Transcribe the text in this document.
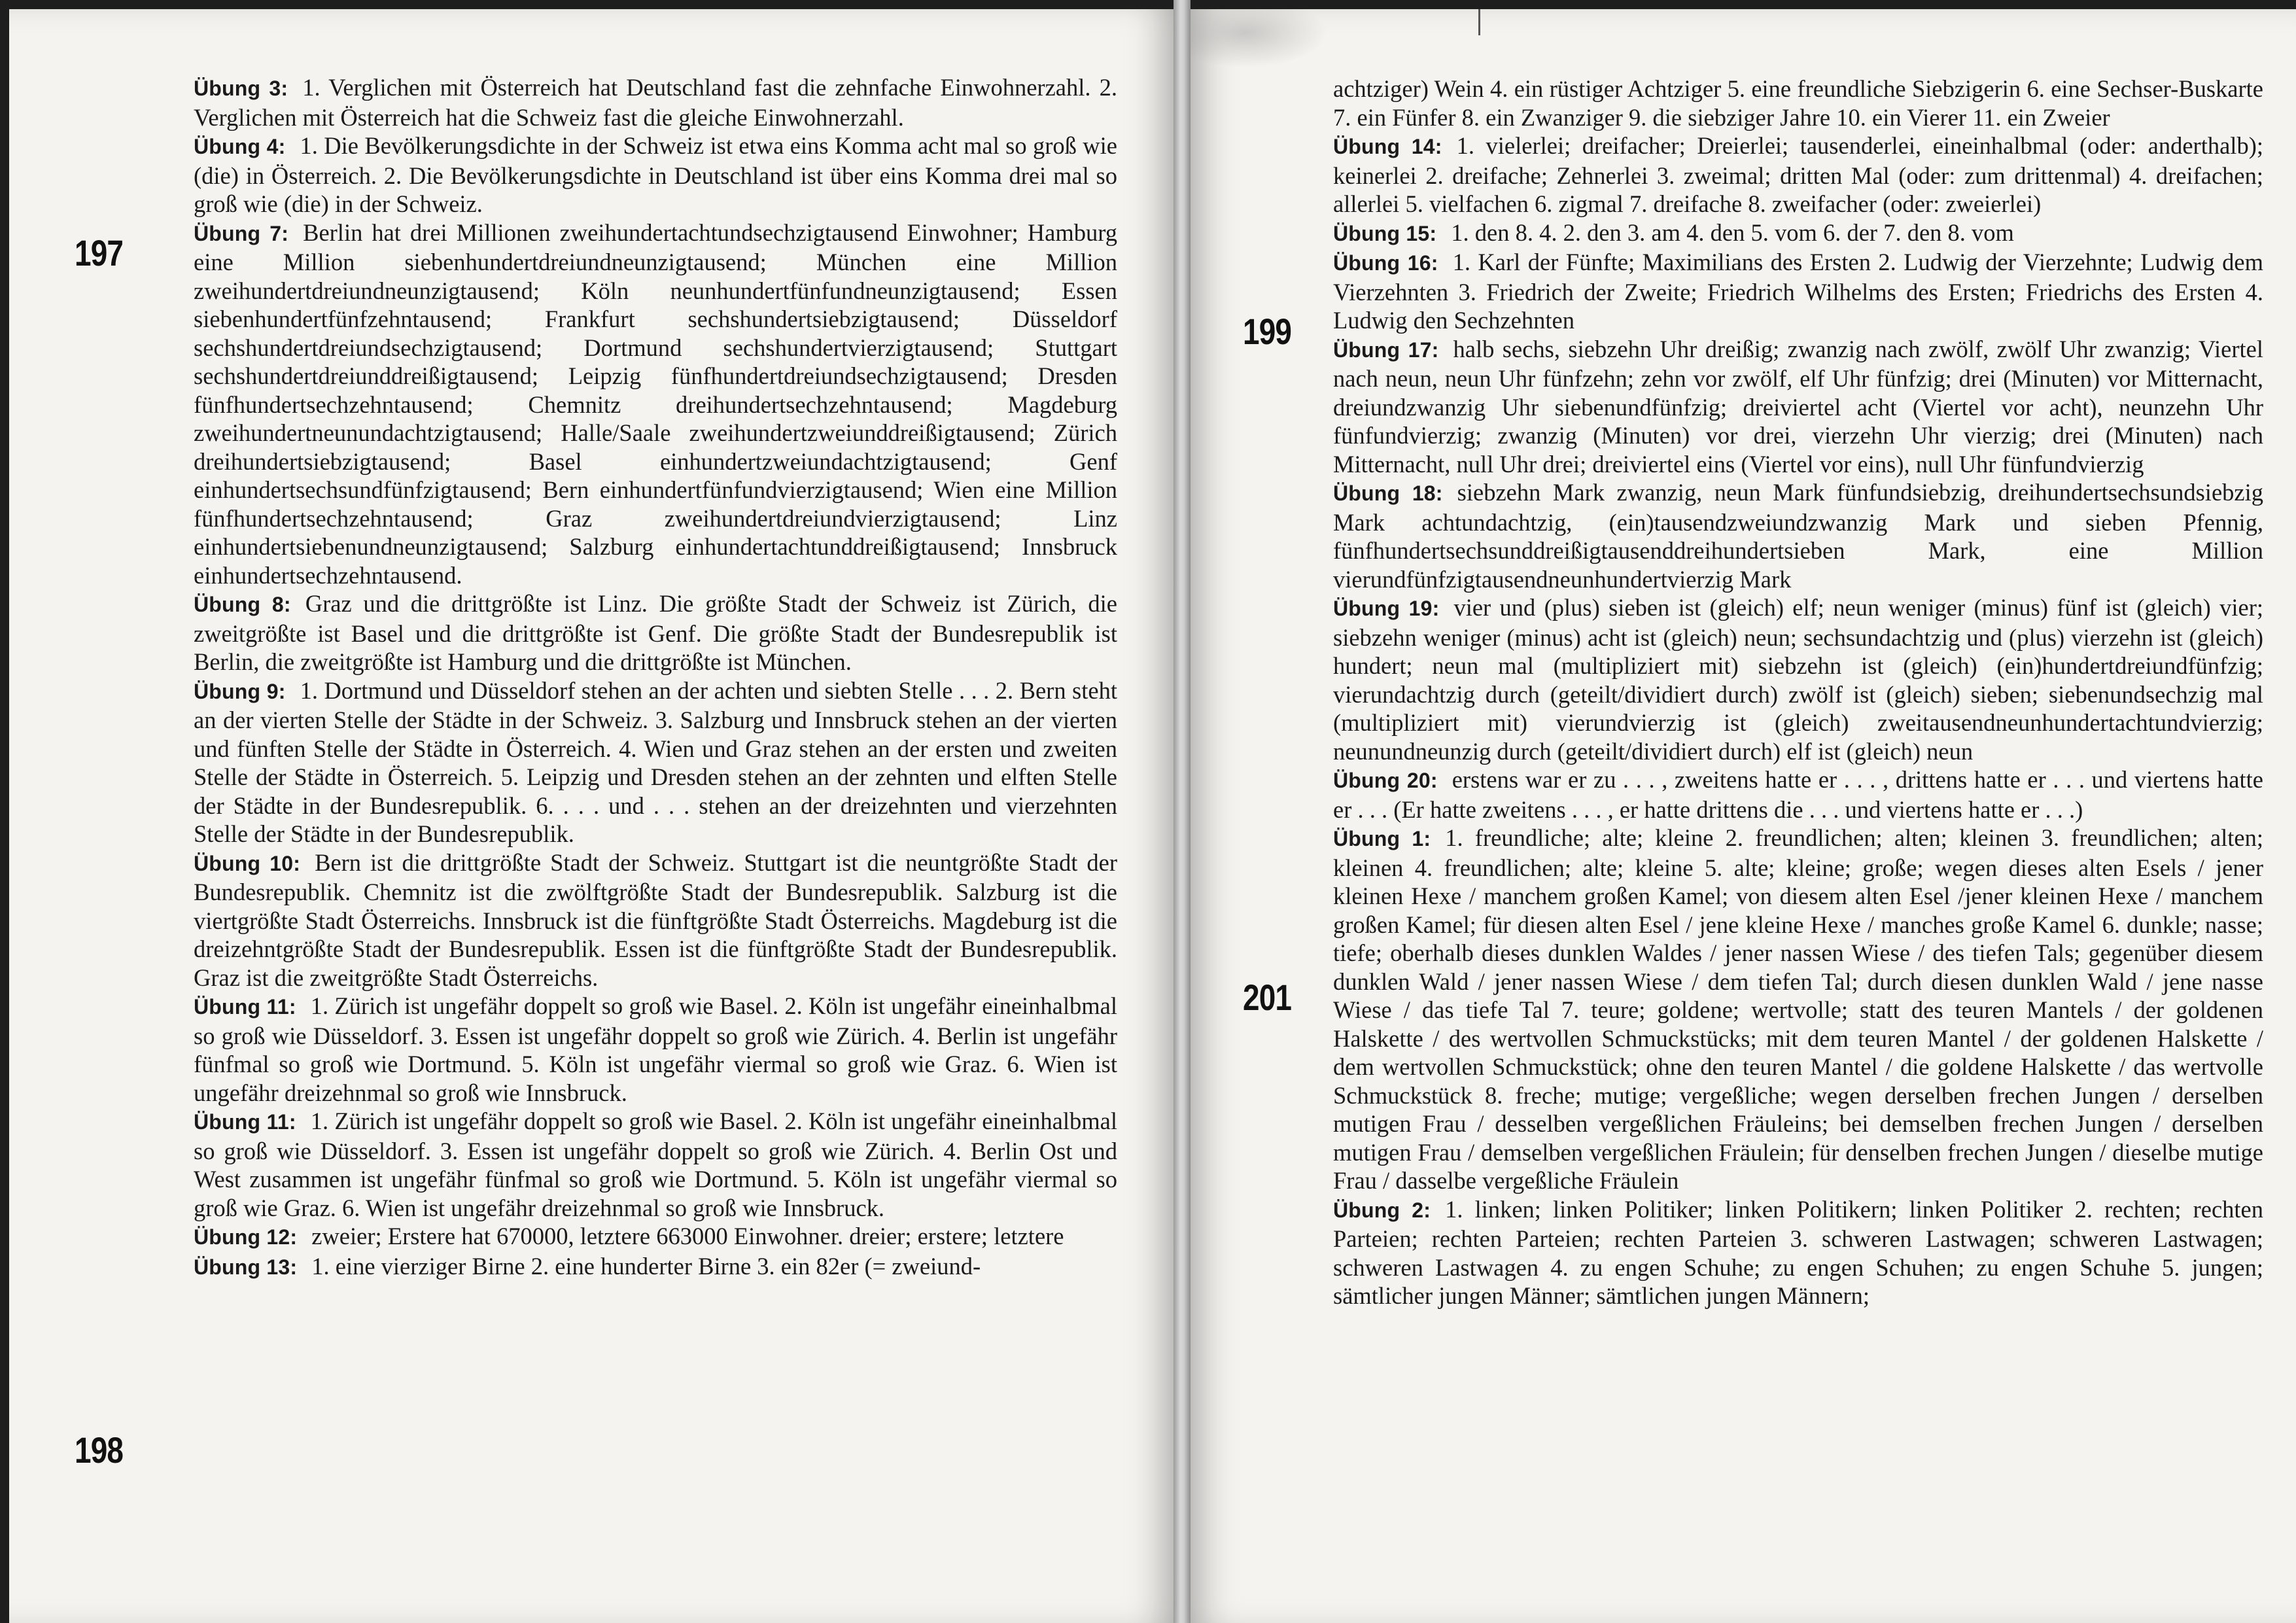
197
198

Übung 3: 1. Verglichen mit Österreich hat Deutschland fast die zehnfache Einwohnerzahl. 2. Verglichen mit Österreich hat die Schweiz fast die gleiche Einwohnerzahl.

Übung 4: 1. Die Bevölkerungsdichte in der Schweiz ist etwa eins Komma acht mal so groß wie (die) in Österreich. 2. Die Bevölkerungsdichte in Deutschland ist über eins Komma drei mal so groß wie (die) in der Schweiz.

Übung 7: Berlin hat drei Millionen zweihundertachtundsechzigtausend Einwohner; Hamburg eine Million siebenhundertdreiundneunzigtausend; München eine Million zweihundertdreiundneunzigtausend; Köln neunhundertfünfundneunzigtausend; Essen siebenhundertfünfzehntausend; Frankfurt sechshundertsiebzigtausend; Düsseldorf sechshundertdreiundsechzigtausend; Dortmund sechshundertvierzigtausend; Stuttgart sechshundertdreiunddreißigtausend; Leipzig fünfhundertdreiundsechzigtausend; Dresden fünfhundertsechzehntausend; Chemnitz dreihundertsechzehntausend; Magdeburg zweihundertneunundachtzigtausend; Halle/Saale zweihundertzweiunddreißigtausend; Zürich dreihundertsiebzigtausend; Basel einhundertzweiundachtzigtausend; Genf einhundertsechsundfünfzigtausend; Bern einhundertfünfundvierzigtausend; Wien eine Million fünfhundertsechzehntausend; Graz zweihundertdreiundvierzigtausend; Linz einhundertsiebenundneunzigtausend; Salzburg einhundertachtunddreißigtausend; Innsbruck einhundertsechzehntausend.

Übung 8: Graz und die drittgrößte ist Linz. Die größte Stadt der Schweiz ist Zürich, die zweitgrößte ist Basel und die drittgrößte ist Genf. Die größte Stadt der Bundesrepublik ist Berlin, die zweitgrößte ist Hamburg und die drittgrößte ist München.

Übung 9: 1. Dortmund und Düsseldorf stehen an der achten und siebten Stelle . . . 2. Bern steht an der vierten Stelle der Städte in der Schweiz. 3. Salzburg und Innsbruck stehen an der vierten und fünften Stelle der Städte in Österreich. 4. Wien und Graz stehen an der ersten und zweiten Stelle der Städte in Österreich. 5. Leipzig und Dresden stehen an der zehnten und elften Stelle der Städte in der Bundesrepublik. 6. . . . und . . . stehen an der dreizehnten und vierzehnten Stelle der Städte in der Bundesrepublik.

Übung 10: Bern ist die drittgrößte Stadt der Schweiz. Stuttgart ist die neuntgrößte Stadt der Bundesrepublik. Chemnitz ist die zwölftgrößte Stadt der Bundesrepublik. Salzburg ist die viertgrößte Stadt Österreichs. Innsbruck ist die fünftgrößte Stadt Österreichs. Magdeburg ist die dreizehntgrößte Stadt der Bundesrepublik. Essen ist die fünftgrößte Stadt der Bundesrepublik. Graz ist die zweitgrößte Stadt Österreichs.

Übung 11: 1. Zürich ist ungefähr doppelt so groß wie Basel. 2. Köln ist ungefähr eineinhalbmal so groß wie Düsseldorf. 3. Essen ist ungefähr doppelt so groß wie Zürich. 4. Berlin ist ungefähr fünfmal so groß wie Dortmund. 5. Köln ist ungefähr viermal so groß wie Graz. 6. Wien ist ungefähr dreizehnmal so groß wie Innsbruck.

Übung 11: 1. Zürich ist ungefähr doppelt so groß wie Basel. 2. Köln ist ungefähr eineinhalbmal so groß wie Düsseldorf. 3. Essen ist ungefähr doppelt so groß wie Zürich. 4. Berlin Ost und West zusammen ist ungefähr fünfmal so groß wie Dortmund. 5. Köln ist ungefähr viermal so groß wie Graz. 6. Wien ist ungefähr dreizehnmal so groß wie Innsbruck.

Übung 12: zweier; Erstere hat 670000, letztere 663000 Einwohner. dreier; erstere; letztere

Übung 13: 1. eine vierziger Birne 2. eine hunderter Birne 3. ein 82er (= zweiund-

199
201

achtziger) Wein 4. ein rüstiger Achtziger 5. eine freundliche Siebzigerin 6. eine Sechser-Buskarte 7. ein Fünfer 8. ein Zwanziger 9. die siebziger Jahre 10. ein Vierer 11. ein Zweier

Übung 14: 1. vielerlei; dreifacher; Dreierlei; tausenderlei, eineinhalbmal (oder: anderthalb); keinerlei 2. dreifache; Zehnerlei 3. zweimal; dritten Mal (oder: zum drittenmal) 4. dreifachen; allerlei 5. vielfachen 6. zigmal 7. dreifache 8. zweifacher (oder: zweierlei)

Übung 15: 1. den 8. 4. 2. den 3. am 4. den 5. vom 6. der 7. den 8. vom

Übung 16: 1. Karl der Fünfte; Maximilians des Ersten 2. Ludwig der Vierzehnte; Ludwig dem Vierzehnten 3. Friedrich der Zweite; Friedrich Wilhelms des Ersten; Friedrichs des Ersten 4. Ludwig den Sechzehnten

Übung 17: halb sechs, siebzehn Uhr dreißig; zwanzig nach zwölf, zwölf Uhr zwanzig; Viertel nach neun, neun Uhr fünfzehn; zehn vor zwölf, elf Uhr fünfzig; drei (Minuten) vor Mitternacht, dreiundzwanzig Uhr siebenundfünfzig; dreiviertel acht (Viertel vor acht), neunzehn Uhr fünfundvierzig; zwanzig (Minuten) vor drei, vierzehn Uhr vierzig; drei (Minuten) nach Mitternacht, null Uhr drei; dreiviertel eins (Viertel vor eins), null Uhr fünfundvierzig

Übung 18: siebzehn Mark zwanzig, neun Mark fünfundsiebzig, dreihundertsechsundsiebzig Mark achtundachtzig, (ein)tausendzweiundzwanzig Mark und sieben Pfennig, fünfhundertsechsunddreißigtausenddreihundertsieben Mark, eine Million vierundfünfzigtausendneunhundertvierzig Mark

Übung 19: vier und (plus) sieben ist (gleich) elf; neun weniger (minus) fünf ist (gleich) vier; siebzehn weniger (minus) acht ist (gleich) neun; sechsundachtzig und (plus) vierzehn ist (gleich) hundert; neun mal (multipliziert mit) siebzehn ist (gleich) (ein)hundertdreiundfünfzig; vierundachtzig durch (geteilt/dividiert durch) zwölf ist (gleich) sieben; siebenundsechzig mal (multipliziert mit) vierundvierzig ist (gleich) zweitausendneunhundertachtundvierzig; neunundneunzig durch (geteilt/dividiert durch) elf ist (gleich) neun

Übung 20: erstens war er zu . . . , zweitens hatte er . . . , drittens hatte er . . . und viertens hatte er . . . (Er hatte zweitens . . . , er hatte drittens die . . . und viertens hatte er . . .)

Übung 1: 1. freundliche; alte; kleine 2. freundlichen; alten; kleinen 3. freundlichen; alten; kleinen 4. freundlichen; alte; kleine 5. alte; kleine; große; wegen dieses alten Esels / jener kleinen Hexe / manchem großen Kamel; von diesem alten Esel /jener kleinen Hexe / manchem großen Kamel; für diesen alten Esel / jene kleine Hexe / manches große Kamel 6. dunkle; nasse; tiefe; oberhalb dieses dunklen Waldes / jener nassen Wiese / des tiefen Tals; gegenüber diesem dunklen Wald / jener nassen Wiese / dem tiefen Tal; durch diesen dunklen Wald / jene nasse Wiese / das tiefe Tal 7. teure; goldene; wertvolle; statt des teuren Mantels / der goldenen Halskette / des wertvollen Schmuckstücks; mit dem teuren Mantel / der goldenen Halskette / dem wertvollen Schmuckstück; ohne den teuren Mantel / die goldene Halskette / das wertvolle Schmuckstück 8. freche; mutige; vergeßliche; wegen derselben frechen Jungen / derselben mutigen Frau / desselben vergeßlichen Fräuleins; bei demselben frechen Jungen / derselben mutigen Frau / demselben vergeßlichen Fräulein; für denselben frechen Jungen / dieselbe mutige Frau / dasselbe vergeßliche Fräulein

Übung 2: 1. linken; linken Politiker; linken Politikern; linken Politiker 2. rechten; rechten Parteien; rechten Parteien; rechten Parteien 3. schweren Lastwagen; schweren Lastwagen; schweren Lastwagen 4. zu engen Schuhe; zu engen Schuhen; zu engen Schuhe 5. jungen; sämtlicher jungen Männer; sämtlichen jungen Männern;
